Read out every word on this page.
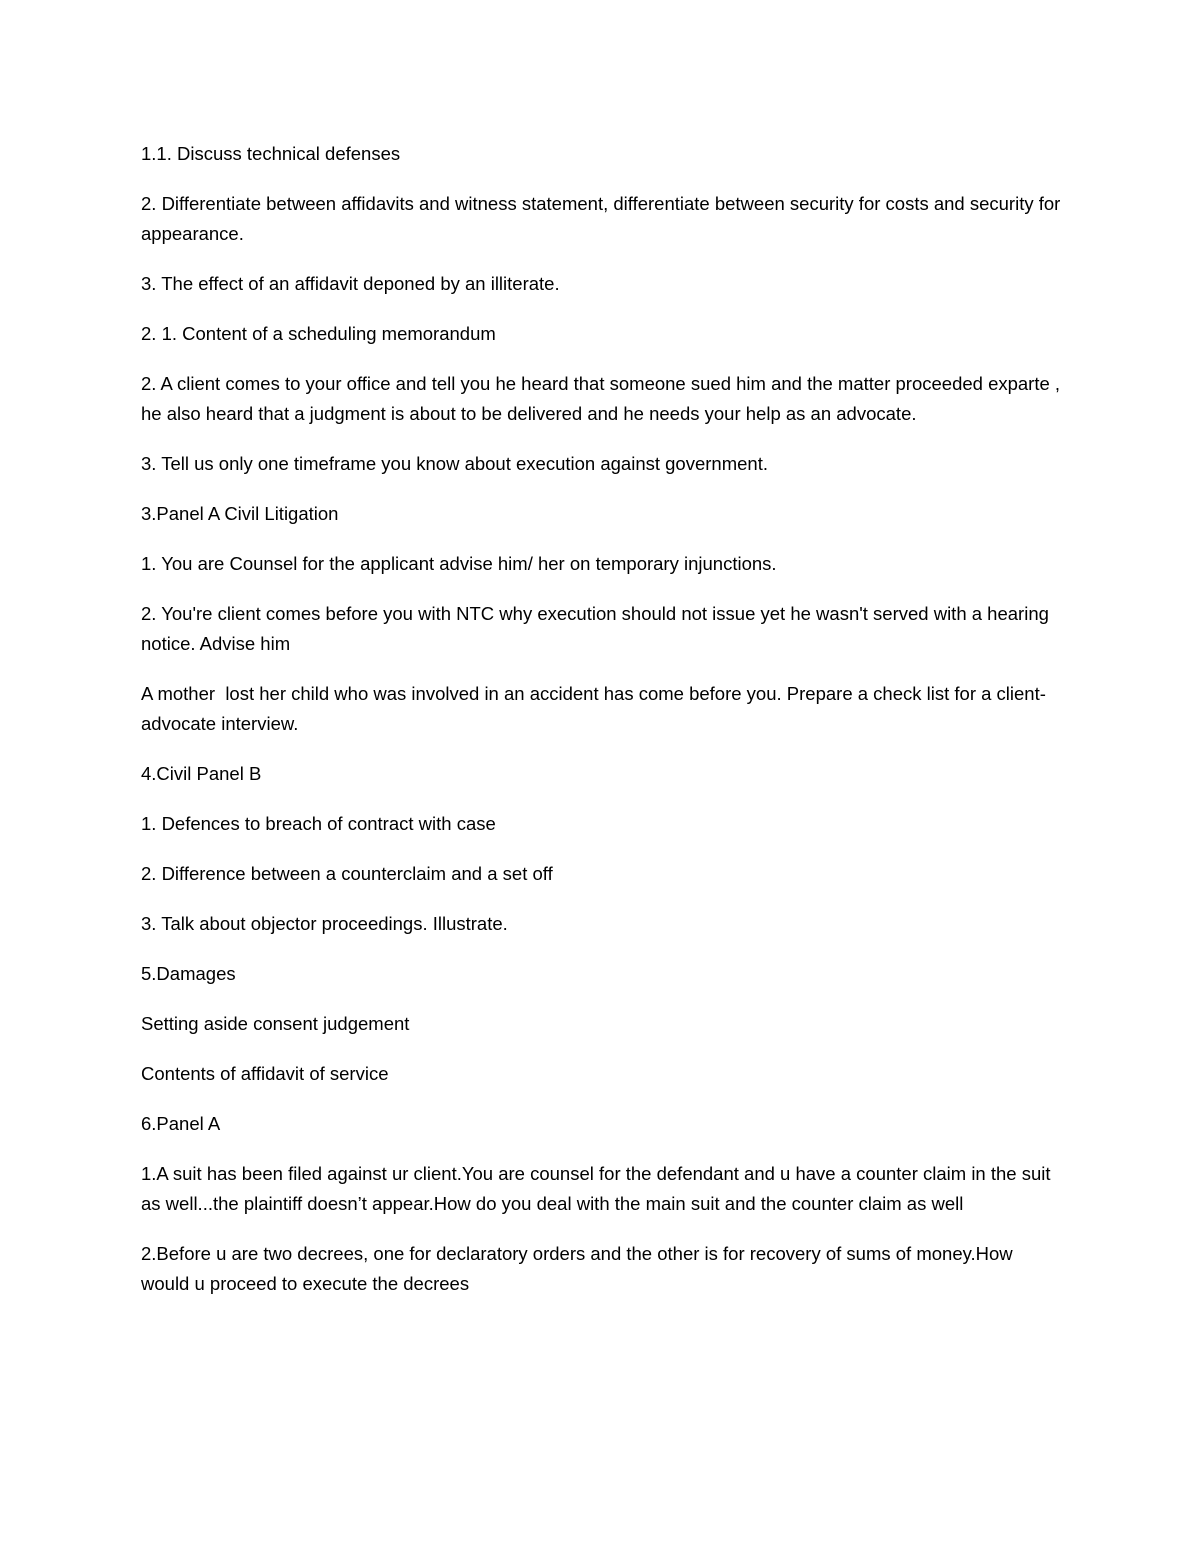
1.1. Discuss technical defenses

2. Differentiate between affidavits and witness statement, differentiate between security for costs and security for appearance.

3. The effect of an affidavit deponed by an illiterate.

2. 1. Content of a scheduling memorandum

2. A client comes to your office and tell you he heard that someone sued him and the matter proceeded exparte , he also heard that a judgment is about to be delivered and he needs your help as an advocate.

3. Tell us only one timeframe you know about execution against government.

3.Panel A Civil Litigation

1. You are Counsel for the applicant advise him/ her on temporary injunctions.

2. You're client comes before you with NTC why execution should not issue yet he wasn't served with a hearing notice. Advise him

A mother  lost her child who was involved in an accident has come before you. Prepare a check list for a client-advocate interview.

4.Civil Panel B

1. Defences to breach of contract with case

2. Difference between a counterclaim and a set off

3. Talk about objector proceedings. Illustrate.

5.Damages

Setting aside consent judgement

Contents of affidavit of service

6.Panel A

1.A suit has been filed against ur client.You are counsel for the defendant and u have a counter claim in the suit as well...the plaintiff doesn’t appear.How do you deal with the main suit and the counter claim as well

2.Before u are two decrees, one for declaratory orders and the other is for recovery of sums of money.How would u proceed to execute the decrees
